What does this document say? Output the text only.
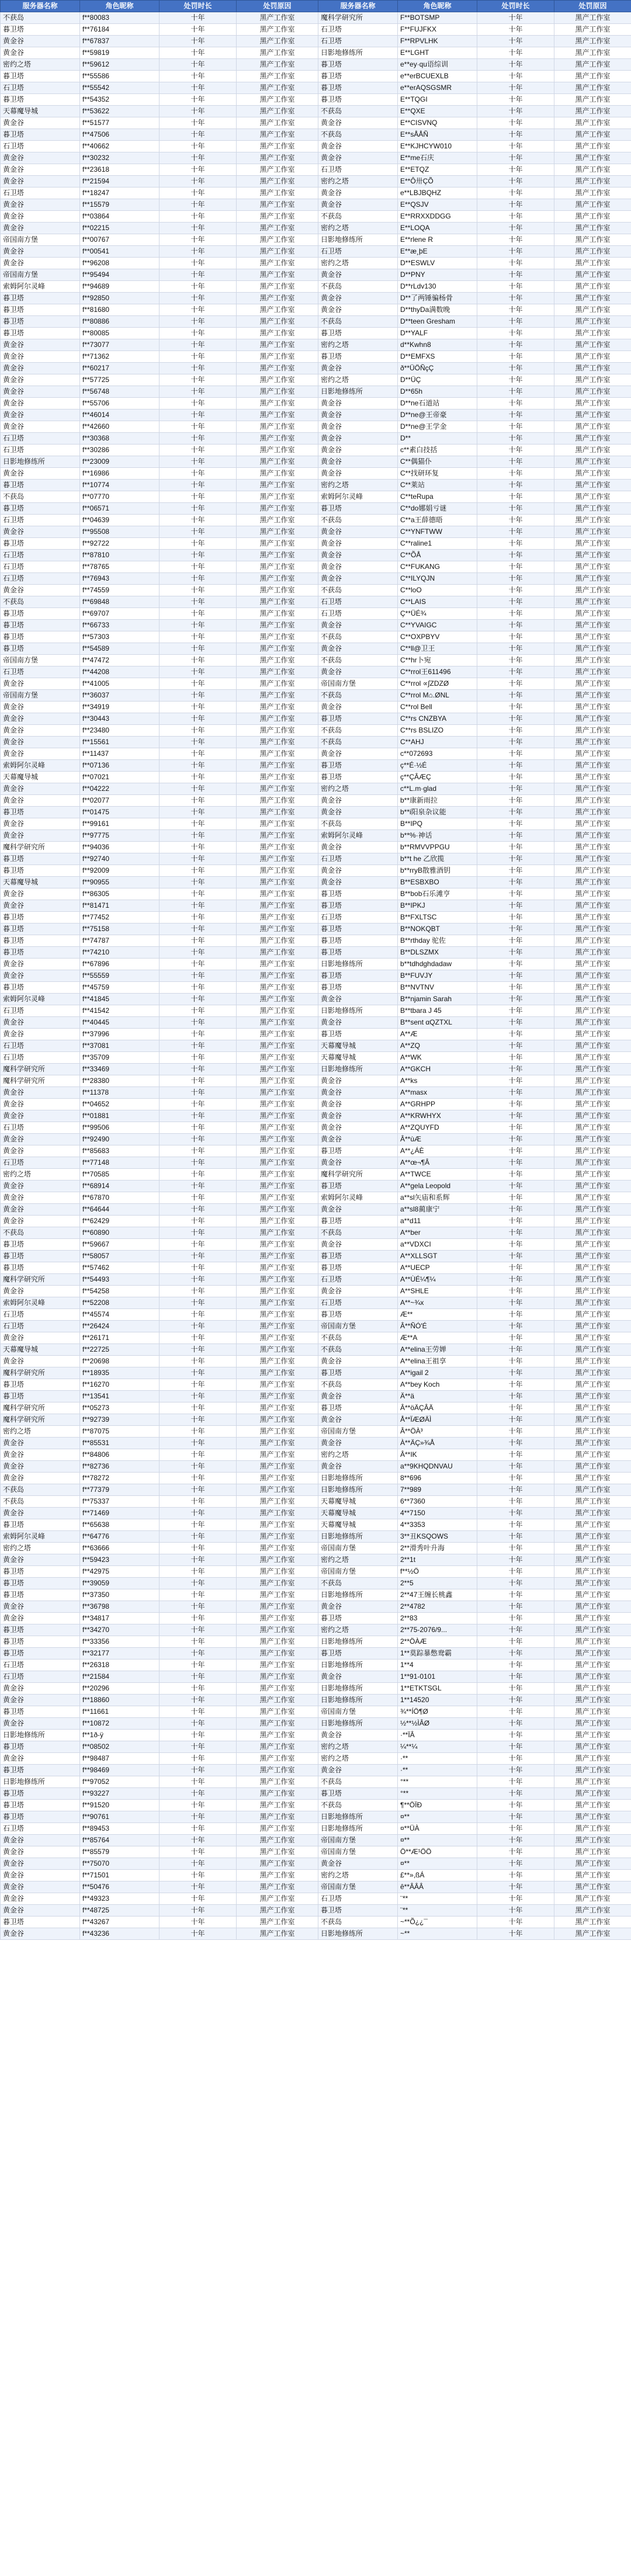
服务器名称	角色昵称	处罚时长	处罚原因	服务器名称	角色昵称	处罚时长	处罚原因
不获岛	f**80083	十年	黑产工作室	魔科学研究所	F**BOTSMP	十年	黑产工作室
暮卫塔	f**76184	十年	黑产工作室	石卫塔	F**FUJFKX	十年	黑产工作室
黄金谷	f**67837	十年	黑产工作室	石卫塔	F**RPVLHK	十年	黑产工作室
黄金谷	f**59819	十年	黑产工作室	日影地修练所	E**LGHT	十年	黑产工作室
密约之塔	f**59612	十年	黑产工作室	暮卫塔	e**ey·qu语综训	十年	黑产工作室
暮卫塔	f**55586	十年	黑产工作室	暮卫塔	e**erBCUEXLB	十年	黑产工作室
石卫塔	f**55542	十年	黑产工作室	暮卫塔	e**erAQSGSMR	十年	黑产工作室
暮卫塔	f**54352	十年	黑产工作室	暮卫塔	E**TQGI	十年	黑产工作室
天幕魔导城	f**53622	十年	黑产工作室	不获岛	E**QXE	十年	黑产工作室
黄金谷	f**51577	十年	黑产工作室	黄金谷	E**CISVNQ	十年	黑产工作室
暮卫塔	f**47506	十年	黑产工作室	不获岛	E**sÅÅÑ	十年	黑产工作室
石卫塔	f**40662	十年	黑产工作室	黄金谷	E**KJHCYW010	十年	黑产工作室
黄金谷	f**30232	十年	黑产工作室	黄金谷	E**me石庆	十年	黑产工作室
黄金谷	f**23618	十年	黑产工作室	石卫塔	E**ETQZ	十年	黑产工作室
黄金谷	f**21594	十年	黑产工作室	密约之塔	E**Ô卅ÇÕ	十年	黑产工作室
石卫塔	f**18247	十年	黑产工作室	黄金谷	e**LBJBQHZ	十年	黑产工作室
黄金谷	f**15579	十年	黑产工作室	黄金谷	E**QSJV	十年	黑产工作室
黄金谷	f**03864	十年	黑产工作室	不获岛	E**RRXXDDGG	十年	黑产工作室
黄金谷	f**02215	十年	黑产工作室	密约之塔	E**LOQA	十年	黑产工作室
帝国南方堡	f**00767	十年	黑产工作室	日影地修练所	E**rlene R	十年	黑产工作室
黄金谷	f**00541	十年	黑产工作室	石卫塔	E**æ¸þE	十年	黑产工作室
黄金谷	f**96208	十年	黑产工作室	密约之塔	D**ESWLV	十年	黑产工作室
帝国南方堡	f**95494	十年	黑产工作室	黄金谷	D**PNY	十年	黑产工作室
索姆阿尔灵峰	f**94689	十年	黑产工作室	不获岛	D**rLdv130	十年	黑产工作室
暮卫塔	f**92850	十年	黑产工作室	黄金谷	D**了两锤骗杨骨	十年	黑产工作室
暮卫塔	f**81680	十年	黑产工作室	黄金谷	D**thyDa满数晚	十年	黑产工作室
暮卫塔	f**80886	十年	黑产工作室	不获岛	D**teen Gresham	十年	黑产工作室
暮卫塔	f**80085	十年	黑产工作室	暮卫塔	D**YALF	十年	黑产工作室
黄金谷	f**73077	十年	黑产工作室	密约之塔	d**Kwhn8	十年	黑产工作室
黄金谷	f**71362	十年	黑产工作室	暮卫塔	D**EMFXS	十年	黑产工作室
黄金谷	f**60217	十年	黑产工作室	黄金谷	ð**ÜÖÑçÇ	十年	黑产工作室
黄金谷	f**57725	十年	黑产工作室	密约之塔	D**ÜÇ	十年	黑产工作室
黄金谷	f**56748	十年	黑产工作室	日影地修练所	D**65h	十年	黑产工作室
黄金谷	f**55706	十年	黑产工作室	黄金谷	D**ne石道站	十年	黑产工作室
黄金谷	f**46014	十年	黑产工作室	黄金谷	D**ne@王帝豪	十年	黑产工作室
黄金谷	f**42660	十年	黑产工作室	黄金谷	D**ne@王学金	十年	黑产工作室
石卫塔	f**30368	十年	黑产工作室	黄金谷	D**	十年	黑产工作室
石卫塔	f**30286	十年	黑产工作室	黄金谷	c**素白技括	十年	黑产工作室
日影地修练所	f**23009	十年	黑产工作室	黄金谷	C**偶猫仆	十年	黑产工作室
黄金谷	f**16986	十年	黑产工作室	黄金谷	C**找研环复	十年	黑产工作室
暮卫塔	f**10774	十年	黑产工作室	密约之塔	C**莱站	十年	黑产工作室
不获岛	f**07770	十年	黑产工作室	索姆阿尔灵峰	C**teRupa	十年	黑产工作室
暮卫塔	f**06571	十年	黑产工作室	暮卫塔	C**do娜娟亏谜	十年	黑产工作室
石卫塔	f**04639	十年	黑产工作室	不获岛	C**a王薛德晤	十年	黑产工作室
黄金谷	f**95508	十年	黑产工作室	黄金谷	C**YNFTWW	十年	黑产工作室
暮卫塔	f**92722	十年	黑产工作室	黄金谷	C**raline1	十年	黑产工作室
石卫塔	f**87810	十年	黑产工作室	黄金谷	C**ÕÅ	十年	黑产工作室
石卫塔	f**78765	十年	黑产工作室	黄金谷	C**FUKANG	十年	黑产工作室
石卫塔	f**76943	十年	黑产工作室	黄金谷	C**ILYQJN	十年	黑产工作室
黄金谷	f**74559	十年	黑产工作室	不获岛	C**loO	十年	黑产工作室
不获岛	f**69848	十年	黑产工作室	石卫塔	C**LAIS	十年	黑产工作室
暮卫塔	f**69707	十年	黑产工作室	石卫塔	Ç**ÜÉ¾	十年	黑产工作室
暮卫塔	f**66733	十年	黑产工作室	黄金谷	C**YVAIGC	十年	黑产工作室
暮卫塔	f**57303	十年	黑产工作室	不获岛	C**OXPBYV	十年	黑产工作室
暮卫塔	f**54589	十年	黑产工作室	黄金谷	C**ll@卫王	十年	黑产工作室
帝国南方堡	f**47472	十年	黑产工作室	不获岛	C**hr卜宛	十年	黑产工作室
石卫塔	f**44208	十年	黑产工作室	黄金谷	C**rrol王611496	十年	黑产工作室
黄金谷	f**41005	十年	黑产工作室	帝国南方堡	C**rrol ∝∫ZDZØ	十年	黑产工作室
帝国南方堡	f**36037	十年	黑产工作室	不获岛	C**rrol M⌂.ØNL	十年	黑产工作室
黄金谷	f**34919	十年	黑产工作室	黄金谷	C**rol Bell	十年	黑产工作室
黄金谷	f**30443	十年	黑产工作室	暮卫塔	C**rs CNZBYA	十年	黑产工作室
黄金谷	f**23480	十年	黑产工作室	不获岛	C**rs BSLIZO	十年	黑产工作室
黄金谷	f**15561	十年	黑产工作室	不获岛	C**AHJ	十年	黑产工作室
黄金谷	f**11437	十年	黑产工作室	黄金谷	c**072693	十年	黑产工作室
索姆阿尔灵峰	f**07136	十年	黑产工作室	暮卫塔	ç**É·½É	十年	黑产工作室
天幕魔导城	f**07021	十年	黑产工作室	暮卫塔	ç**ÇÂÆÇ	十年	黑产工作室
黄金谷	f**04222	十年	黑产工作室	密约之塔	c**L.m·glad	十年	黑产工作室
黄金谷	f**02077	十年	黑产工作室	黄金谷	b**康新雨拉	十年	黑产工作室
暮卫塔	f**01475	十年	黑产工作室	黄金谷	b**i阳泉杂议能	十年	黑产工作室
黄金谷	f**99161	十年	黑产工作室	不获岛	B**IPQ	十年	黑产工作室
黄金谷	f**97775	十年	黑产工作室	索姆阿尔灵峰	b**%·神话	十年	黑产工作室
魔科学研究所	f**94036	十年	黑产工作室	黄金谷	b**RMVVPPGU	十年	黑产工作室
暮卫塔	f**92740	十年	黑产工作室	石卫塔	b**t he 乙欣揽	十年	黑产工作室
暮卫塔	f**92009	十年	黑产工作室	黄金谷	b**rryB散雅酒钥	十年	黑产工作室
天幕魔导城	f**90955	十年	黑产工作室	黄金谷	B**ESBXBO	十年	黑产工作室
黄金谷	f**86305	十年	黑产工作室	暮卫塔	B**bob石乐滩亨	十年	黑产工作室
黄金谷	f**81471	十年	黑产工作室	暮卫塔	B**IPKJ	十年	黑产工作室
暮卫塔	f**77452	十年	黑产工作室	石卫塔	B**FXLTSC	十年	黑产工作室
暮卫塔	f**75158	十年	黑产工作室	暮卫塔	B**NOKQBT	十年	黑产工作室
暮卫塔	f**74787	十年	黑产工作室	暮卫塔	B**rthday 驼佐	十年	黑产工作室
暮卫塔	f**74210	十年	黑产工作室	暮卫塔	B**DLSZMX	十年	黑产工作室
黄金谷	f**67896	十年	黑产工作室	日影地修练所	b**tdhdghdadaw	十年	黑产工作室
黄金谷	f**55559	十年	黑产工作室	暮卫塔	B**FUVJY	十年	黑产工作室
暮卫塔	f**45759	十年	黑产工作室	暮卫塔	B**NVTNV	十年	黑产工作室
索姆阿尔灵峰	f**41845	十年	黑产工作室	黄金谷	B**njamin Sarah	十年	黑产工作室
石卫塔	f**41542	十年	黑产工作室	日影地修练所	B**tbara J 45	十年	黑产工作室
黄金谷	f**40445	十年	黑产工作室	黄金谷	B**sent αQZTXL	十年	黑产工作室
黄金谷	f**37996	十年	黑产工作室	暮卫塔	A**Æ	十年	黑产工作室
石卫塔	f**37081	十年	黑产工作室	天幕魔导城	A**ZQ	十年	黑产工作室
石卫塔	f**35709	十年	黑产工作室	天幕魔导城	A**WK	十年	黑产工作室
魔科学研究所	f**33469	十年	黑产工作室	日影地修练所	A**GKCH	十年	黑产工作室
魔科学研究所	f**28380	十年	黑产工作室	黄金谷	A**ks	十年	黑产工作室
黄金谷	f**11378	十年	黑产工作室	黄金谷	A**masx	十年	黑产工作室
黄金谷	f**04652	十年	黑产工作室	黄金谷	A**GRHPP	十年	黑产工作室
黄金谷	f**01881	十年	黑产工作室	黄金谷	A**KRWHYX	十年	黑产工作室
石卫塔	f**99506	十年	黑产工作室	黄金谷	A**ZQUYFD	十年	黑产工作室
黄金谷	f**92490	十年	黑产工作室	黄金谷	Â**ùÆ	十年	黑产工作室
黄金谷	f**85683	十年	黑产工作室	暮卫塔	A**¿ÁÈ	十年	黑产工作室
石卫塔	f**77148	十年	黑产工作室	黄金谷	A**œ¬¶Â	十年	黑产工作室
密约之塔	f**70585	十年	黑产工作室	魔科学研究所	A**TWCE	十年	黑产工作室
黄金谷	f**68914	十年	黑产工作室	暮卫塔	A**gela Leopold	十年	黑产工作室
黄金谷	f**67870	十年	黑产工作室	索姆阿尔灵峰	a**sl矢庙和系辉	十年	黑产工作室
黄金谷	f**64644	十年	黑产工作室	黄金谷	a**sl8蔺康宁	十年	黑产工作室
黄金谷	f**62429	十年	黑产工作室	暮卫塔	a**d11	十年	黑产工作室
不获岛	f**60890	十年	黑产工作室	不获岛	A**ber	十年	黑产工作室
暮卫塔	f**59667	十年	黑产工作室	黄金谷	a**VDXCI	十年	黑产工作室
暮卫塔	f**58057	十年	黑产工作室	暮卫塔	A**XLLSGT	十年	黑产工作室
暮卫塔	f**57462	十年	黑产工作室	暮卫塔	A**UECP	十年	黑产工作室
魔科学研究所	f**54493	十年	黑产工作室	石卫塔	A**ÙÉ¼¶¼	十年	黑产工作室
黄金谷	f**54258	十年	黑产工作室	黄金谷	A**SHLE	十年	黑产工作室
索姆阿尔灵峰	f**52208	十年	黑产工作室	石卫塔	A**~¾x	十年	黑产工作室
石卫塔	f**45574	十年	黑产工作室	暮卫塔	Æ**	十年	黑产工作室
石卫塔	f**26424	十年	黑产工作室	帝国南方堡	Â**ÑÓ'É	十年	黑产工作室
黄金谷	f**26171	十年	黑产工作室	不获岛	Æ**A	十年	黑产工作室
天幕魔导城	f**22725	十年	黑产工作室	不获岛	A**elina王劳婵	十年	黑产工作室
黄金谷	f**20698	十年	黑产工作室	黄金谷	A**elina王祖享	十年	黑产工作室
魔科学研究所	f**18935	十年	黑产工作室	暮卫塔	A**igail 2	十年	黑产工作室
暮卫塔	f**16270	十年	黑产工作室	不获岛	A**bey Koch	十年	黑产工作室
暮卫塔	f**13541	十年	黑产工作室	黄金谷	Ä**ä	十年	黑产工作室
魔科学研究所	f**05273	十年	黑产工作室	暮卫塔	Â**öÄÇÂÄ	十年	黑产工作室
魔科学研究所	f**92739	十年	黑产工作室	黄金谷	Å**ÏÆØÄÌ	十年	黑产工作室
密约之塔	f**87075	十年	黑产工作室	帝国南方堡	Â**ÖÀ³	十年	黑产工作室
黄金谷	f**85531	十年	黑产工作室	黄金谷	À**ÄÇ»¾Å	十年	黑产工作室
黄金谷	f**84806	十年	黑产工作室	密约之塔	Â**IK	十年	黑产工作室
黄金谷	f**82736	十年	黑产工作室	黄金谷	a**9KHQDNVAU	十年	黑产工作室
黄金谷	f**78272	十年	黑产工作室	日影地修练所	8**696	十年	黑产工作室
不获岛	f**77379	十年	黑产工作室	日影地修练所	7**989	十年	黑产工作室
不获岛	f**75337	十年	黑产工作室	天幕魔导城	6**7360	十年	黑产工作室
黄金谷	f**71469	十年	黑产工作室	天幕魔导城	4**7150	十年	黑产工作室
暮卫塔	f**65638	十年	黑产工作室	天幕魔导城	4**3353	十年	黑产工作室
索姆阿尔灵峰	f**64776	十年	黑产工作室	日影地修练所	3**丑KSQOWS	十年	黑产工作室
密约之塔	f**63666	十年	黑产工作室	帝国南方堡	2**滑秀叶升海	十年	黑产工作室
黄金谷	f**59423	十年	黑产工作室	密约之塔	2**1t	十年	黑产工作室
暮卫塔	f**42975	十年	黑产工作室	帝国南方堡	f**½Ö	十年	黑产工作室
暮卫塔	f**39059	十年	黑产工作室	不获岛	2**5	十年	黑产工作室
暮卫塔	f**37350	十年	黑产工作室	日影地修练所	2**47王缠长桃鑫	十年	黑产工作室
黄金谷	f**36798	十年	黑产工作室	黄金谷	2**4782	十年	黑产工作室
黄金谷	f**34817	十年	黑产工作室	暮卫塔	2**83	十年	黑产工作室
暮卫塔	f**34270	十年	黑产工作室	密约之塔	2**75-2076/9...	十年	黑产工作室
暮卫塔	f**33356	十年	黑产工作室	日影地修练所	2**ÖÀÆ	十年	黑产工作室
暮卫塔	f**32177	十年	黑产工作室	暮卫塔	1**莫踪暴憋鸯霸	十年	黑产工作室
石卫塔	f**26318	十年	黑产工作室	日影地修练所	1**4	十年	黑产工作室
石卫塔	f**21584	十年	黑产工作室	黄金谷	1**91-0101	十年	黑产工作室
黄金谷	f**20296	十年	黑产工作室	日影地修练所	1**ETKTSGL	十年	黑产工作室
黄金谷	f**18860	十年	黑产工作室	日影地修练所	1**14520	十年	黑产工作室
暮卫塔	f**11661	十年	黑产工作室	帝国南方堡	¾**ÍÖ¶Ø	十年	黑产工作室
黄金谷	f**10872	十年	黑产工作室	日影地修练所	½**½ÌÂØ	十年	黑产工作室
日影地修练所	f**1ð-ÿ	十年	黑产工作室	黄金谷	·**ÏÂ	十年	黑产工作室
暮卫塔	f**08502	十年	黑产工作室	密约之塔	¼**¼	十年	黑产工作室
黄金谷	f**98487	十年	黑产工作室	密约之塔	·**	十年	黑产工作室
暮卫塔	f**98469	十年	黑产工作室	黄金谷	·**	十年	黑产工作室
日影地修练所	f**97052	十年	黑产工作室	不获岛	°**	十年	黑产工作室
暮卫塔	f**93227	十年	黑产工作室	暮卫塔	°**	十年	黑产工作室
暮卫塔	f**91520	十年	黑产工作室	不获岛	¶**ÖÏÐ	十年	黑产工作室
暮卫塔	f**90761	十年	黑产工作室	日影地修练所	¤**	十年	黑产工作室
石卫塔	f**89453	十年	黑产工作室	日影地修练所	¤**ÜÀ	十年	黑产工作室
黄金谷	f**85764	十年	黑产工作室	帝国南方堡	¤**	十年	黑产工作室
黄金谷	f**85579	十年	黑产工作室	帝国南方堡	Ö**Æ¹ÖÖ	十年	黑产工作室
黄金谷	f**75070	十年	黑产工作室	黄金谷	¤**	十年	黑产工作室
黄金谷	f**71501	十年	黑产工作室	密约之塔	£**»,ßÁ	十年	黑产工作室
黄金谷	f**50476	十年	黑产工作室	帝国南方堡	ê**ÂÂÂ	十年	黑产工作室
黄金谷	f**49323	十年	黑产工作室	石卫塔	¨**	十年	黑产工作室
黄金谷	f**48725	十年	黑产工作室	暮卫塔	¨**	十年	黑产工作室
暮卫塔	f**43267	十年	黑产工作室	不获岛	~**Õ¿¿¯	十年	黑产工作室
黄金谷	f**43236	十年	黑产工作室	日影地修练所	~**	十年	黑产工作室
